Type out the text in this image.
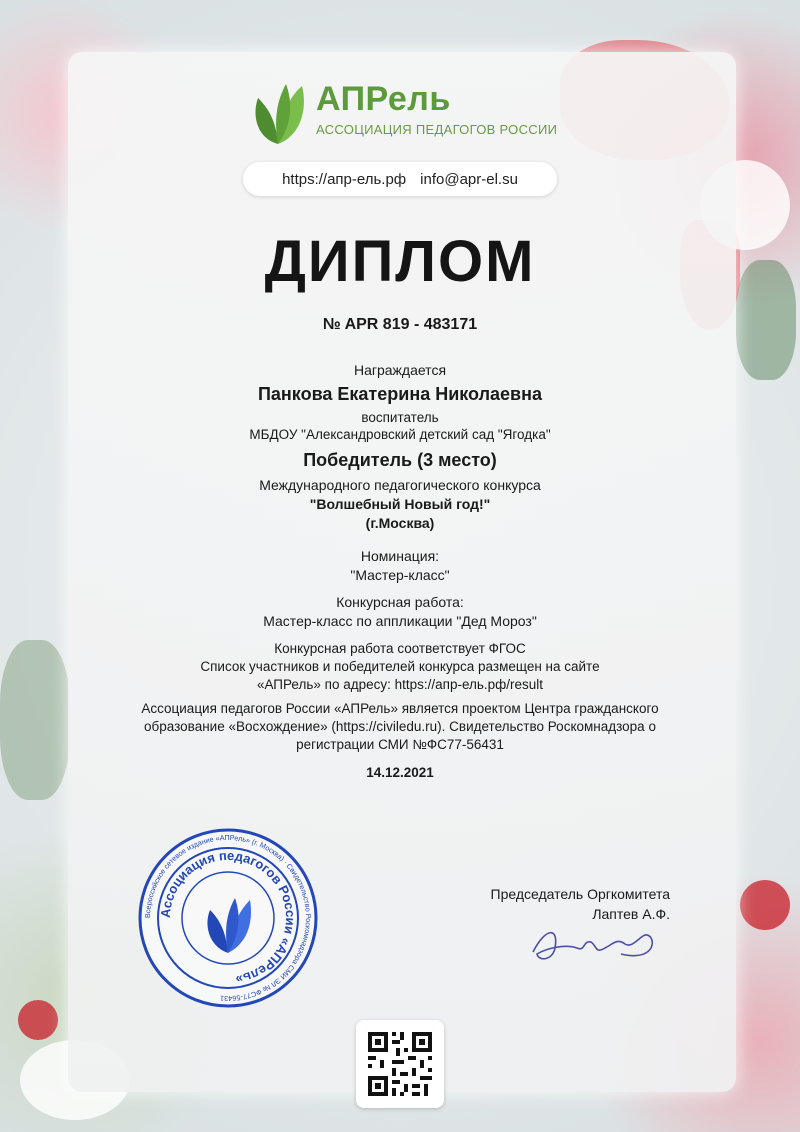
АПРель
АССОЦИАЦИЯ ПЕДАГОГОВ РОССИИ
https://апр-ель.рф info@apr-el.su
ДИПЛОМ
№ APR 819 - 483171
Награждается
Панкова Екатерина Николаевна
воспитатель
МБДОУ "Александровский детский сад "Ягодка"
Победитель (3 место)
Международного педагогического конкурса
"Волшебный Новый год!"
(г.Москва)
Номинация:
"Мастер-класс"
Конкурсная работа:
Мастер-класс по аппликации "Дед Мороз"
Конкурсная работа соответствует ФГОС
Список участников и победителей конкурса размещен на сайте
«АПРель» по адресу: https://апр-ель.рф/result
Ассоциация педагогов России «АПРель» является проектом Центра гражданского
образование «Восхождение» (https://civiledu.ru). Свидетельство Роскомнадзора о
регистрации СМИ №ФС77-56431
14.12.2021
Всероссийское сетевое издание «АПРель» (г. Москва) · Свидетельство Роскомнадзора СМИ ЭЛ № ФС77-56431
Ассоциация педагогов России «АПРель»
Председатель Оргкомитета
Лаптев А.Ф.
